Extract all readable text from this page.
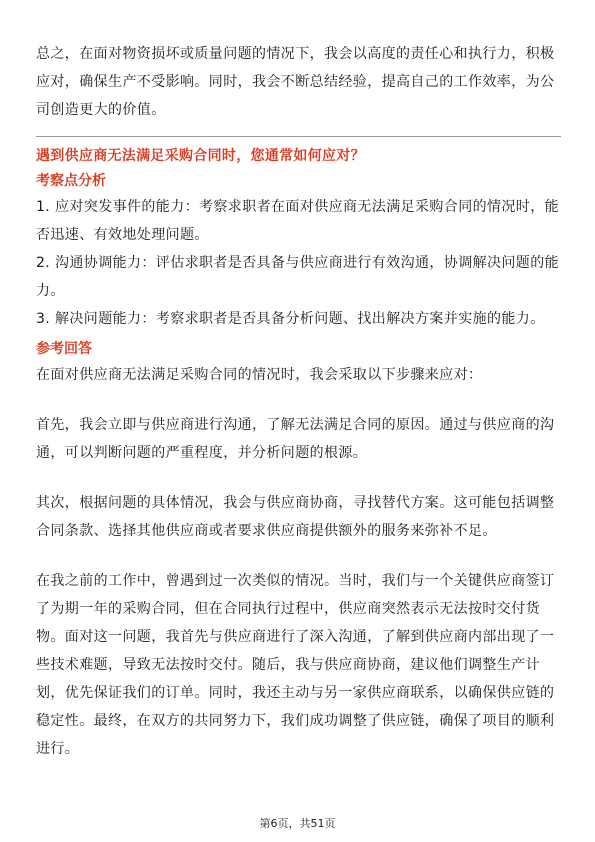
总之，在面对物资损坏或质量问题的情况下，我会以高度的责任心和执行力，积极应对，确保生产不受影响。同时，我会不断总结经验，提高自己的工作效率，为公司创造更大的价值。

遇到供应商无法满足采购合同时，您通常如何应对？

考察点分析

1. 应对突发事件的能力：考察求职者在面对供应商无法满足采购合同的情况时，能否迅速、有效地处理问题。

2. 沟通协调能力：评估求职者是否具备与供应商进行有效沟通，协调解决问题的能力。

3. 解决问题能力：考察求职者是否具备分析问题、找出解决方案并实施的能力。

参考回答

在面对供应商无法满足采购合同的情况时，我会采取以下步骤来应对：

首先，我会立即与供应商进行沟通，了解无法满足合同的原因。通过与供应商的沟通，可以判断问题的严重程度，并分析问题的根源。

其次，根据问题的具体情况，我会与供应商协商，寻找替代方案。这可能包括调整合同条款、选择其他供应商或者要求供应商提供额外的服务来弥补不足。

在我之前的工作中，曾遇到过一次类似的情况。当时，我们与一个关键供应商签订了为期一年的采购合同，但在合同执行过程中，供应商突然表示无法按时交付货物。面对这一问题，我首先与供应商进行了深入沟通，了解到供应商内部出现了一些技术难题，导致无法按时交付。随后，我与供应商协商，建议他们调整生产计划，优先保证我们的订单。同时，我还主动与另一家供应商联系，以确保供应链的稳定性。最终，在双方的共同努力下，我们成功调整了供应链，确保了项目的顺利进行。

第6页，共51页
